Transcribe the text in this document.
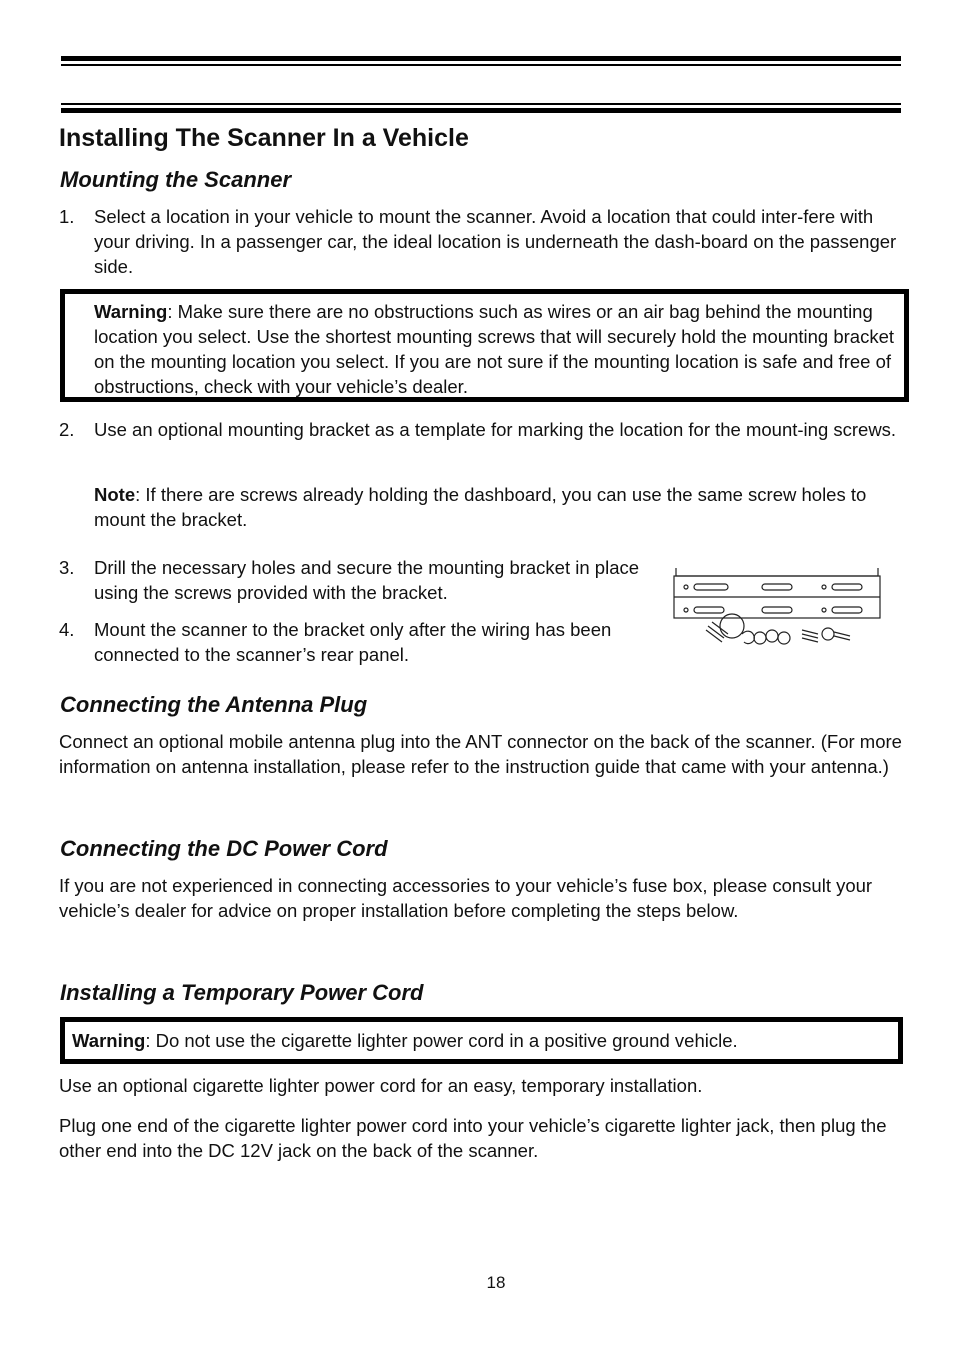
Installing The Scanner In a Vehicle
Mounting the Scanner
1. Select a location in your vehicle to mount the scanner. Avoid a location that could inter-fere with your driving. In a passenger car, the ideal location is underneath the dash-board on the passenger side.

Warning: Make sure there are no obstructions such as wires or an air bag behind the mounting location you select. Use the shortest mounting screws that will securely hold the mounting bracket on the mounting location you select. If you are not sure if the mounting location is safe and free of obstructions, check with your vehicle’s dealer.

2. Use an optional mounting bracket as a template for marking the location for the mount-ing screws.

Note: If there are screws already holding the dashboard, you can use the same screw holes to mount the bracket.

3. Drill the necessary holes and secure the mounting bracket in place using the screws provided with the bracket.

4. Mount the scanner to the bracket only after the wiring has been connected to the scanner’s rear panel.

Connecting the Antenna Plug

Connect an optional mobile antenna plug into the ANT connector on the back of the scanner. (For more information on antenna installation, please refer to the instruction guide that came with your antenna.)

Connecting the DC Power Cord

If you are not experienced in connecting accessories to your vehicle’s fuse box, please consult your vehicle’s dealer for advice on proper installation before completing the steps below.

Installing a Temporary Power Cord

Warning: Do not use the cigarette lighter power cord in a positive ground vehicle.

Use an optional cigarette lighter power cord for an easy, temporary installation.

Plug one end of the cigarette lighter power cord into your vehicle’s cigarette lighter jack, then plug the other end into the DC 12V jack on the back of the scanner.

18
